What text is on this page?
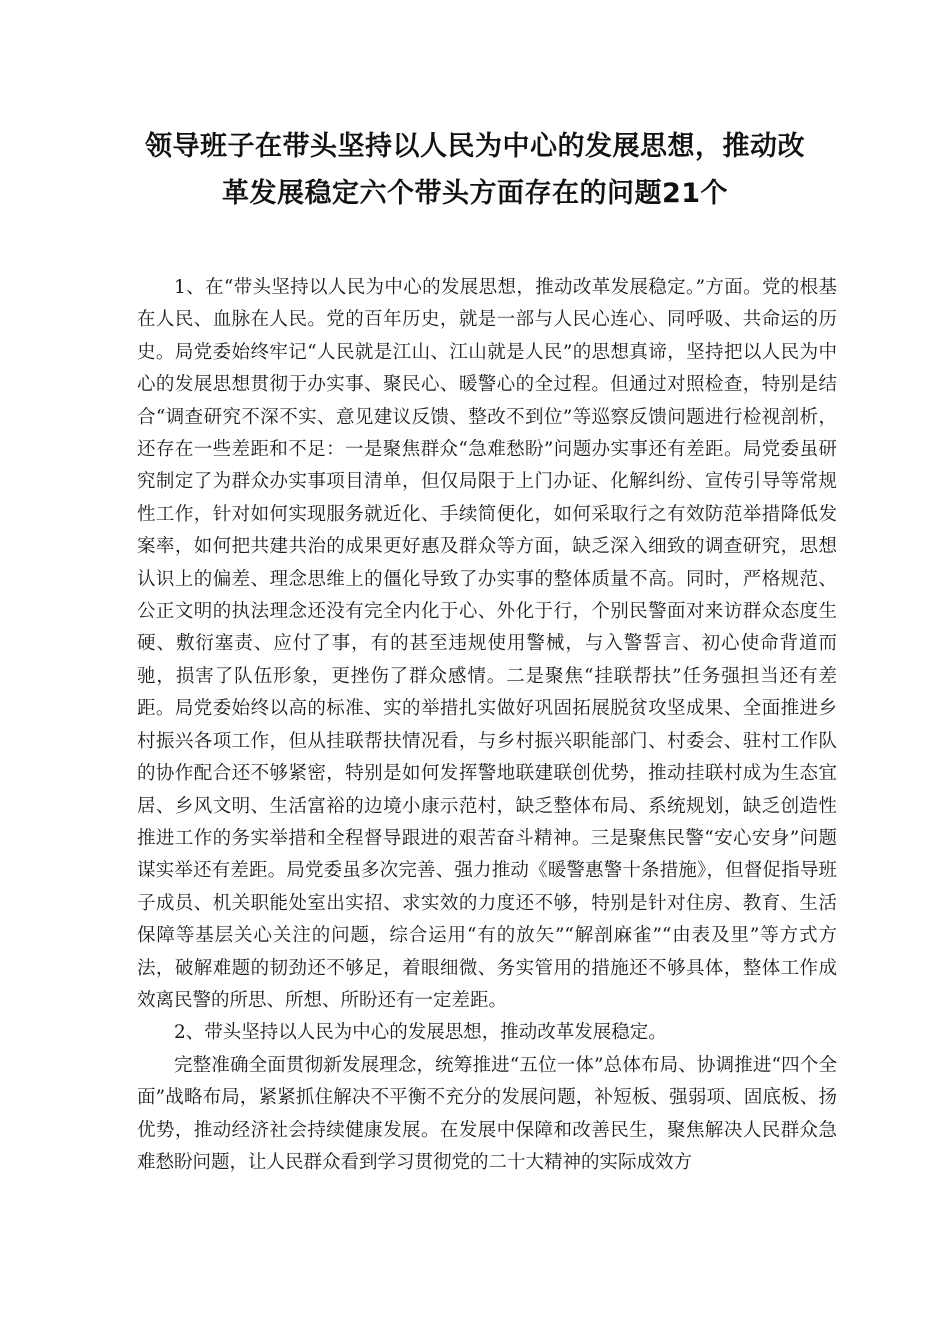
领导班子在带头坚持以人民为中心的发展思想，推动改
革发展稳定六个带头方面存在的问题21个

1、在“带头坚持以人民为中心的发展思想，推动改革发展稳定。”方面。党的根基在人民、血脉在人民。党的百年历史，就是一部与人民心连心、同呼吸、共命运的历史。局党委始终牢记“人民就是江山、江山就是人民”的思想真谛，坚持把以人民为中心的发展思想贯彻于办实事、聚民心、暖警心的全过程。但通过对照检查，特别是结合“调查研究不深不实、意见建议反馈、整改不到位”等巡察反馈问题进行检视剖析，还存在一些差距和不足：一是聚焦群众“急难愁盼”问题办实事还有差距。局党委虽研究制定了为群众办实事项目清单，但仅局限于上门办证、化解纠纷、宣传引导等常规性工作，针对如何实现服务就近化、手续简便化，如何采取行之有效防范举措降低发案率，如何把共建共治的成果更好惠及群众等方面，缺乏深入细致的调查研究，思想认识上的偏差、理念思维上的僵化导致了办实事的整体质量不高。同时，严格规范、公正文明的执法理念还没有完全内化于心、外化于行，个别民警面对来访群众态度生硬、敷衍塞责、应付了事，有的甚至违规使用警械，与入警誓言、初心使命背道而驰，损害了队伍形象，更挫伤了群众感情。二是聚焦“挂联帮扶”任务强担当还有差距。局党委始终以高的标准、实的举措扎实做好巩固拓展脱贫攻坚成果、全面推进乡村振兴各项工作，但从挂联帮扶情况看，与乡村振兴职能部门、村委会、驻村工作队的协作配合还不够紧密，特别是如何发挥警地联建联创优势，推动挂联村成为生态宜居、乡风文明、生活富裕的边境小康示范村，缺乏整体布局、系统规划，缺乏创造性推进工作的务实举措和全程督导跟进的艰苦奋斗精神。三是聚焦民警“安心安身”问题谋实举还有差距。局党委虽多次完善、强力推动《暖警惠警十条措施》，但督促指导班子成员、机关职能处室出实招、求实效的力度还不够，特别是针对住房、教育、生活保障等基层关心关注的问题，综合运用“有的放矢”“解剖麻雀”“由表及里”等方式方法，破解难题的韧劲还不够足，着眼细微、务实管用的措施还不够具体，整体工作成效离民警的所思、所想、所盼还有一定差距。

2、带头坚持以人民为中心的发展思想，推动改革发展稳定。

完整准确全面贯彻新发展理念，统筹推进“五位一体”总体布局、协调推进“四个全面”战略布局，紧紧抓住解决不平衡不充分的发展问题，补短板、强弱项、固底板、扬优势，推动经济社会持续健康发展。在发展中保障和改善民生，聚焦解决人民群众急难愁盼问题，让人民群众看到学习贯彻党的二十大精神的实际成效方
